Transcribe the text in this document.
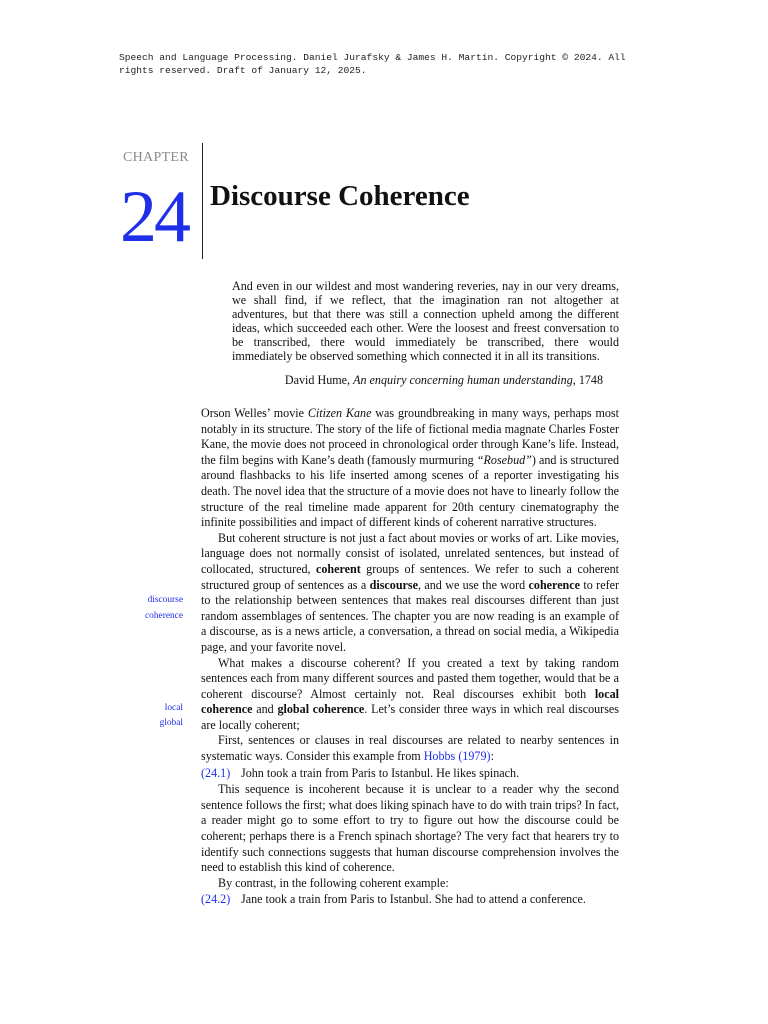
Speech and Language Processing. Daniel Jurafsky & James H. Martin. Copyright © 2024. All
rights reserved. Draft of January 12, 2025.
CHAPTER
24 Discourse Coherence

And even in our wildest and most wandering reveries, nay in our very dreams, we shall find, if we reflect, that the imagination ran not altogether at adventures, but that there was still a connection upheld among the different ideas, which succeeded each other. Were the loosest and freest conversation to be transcribed, there would immediately be transcribed, there would immediately be observed something which connected it in all its transitions.

David Hume, An enquiry concerning human understanding, 1748
discourse
coherence
local
global

Orson Welles’ movie Citizen Kane was groundbreaking in many ways, perhaps most notably in its structure. The story of the life of fictional media magnate Charles Foster Kane, the movie does not proceed in chronological order through Kane’s life. Instead, the film begins with Kane’s death (famously murmuring “Rosebud”) and is structured around flashbacks to his life inserted among scenes of a reporter investigating his death. The novel idea that the structure of a movie does not have to linearly follow the structure of the real timeline made apparent for 20th century cinematography the infinite possibilities and impact of different kinds of coherent narrative structures.

But coherent structure is not just a fact about movies or works of art. Like movies, language does not normally consist of isolated, unrelated sentences, but instead of collocated, structured, coherent groups of sentences. We refer to such a coherent structured group of sentences as a discourse, and we use the word coherence to refer to the relationship between sentences that makes real discourses different than just random assemblages of sentences. The chapter you are now reading is an example of a discourse, as is a news article, a conversation, a thread on social media, a Wikipedia page, and your favorite novel.

What makes a discourse coherent? If you created a text by taking random sentences each from many different sources and pasted them together, would that be a coherent discourse? Almost certainly not. Real discourses exhibit both local coherence and global coherence. Let’s consider three ways in which real discourses are locally coherent;

First, sentences or clauses in real discourses are related to nearby sentences in systematic ways. Consider this example from Hobbs (1979):

(24.1) John took a train from Paris to Istanbul. He likes spinach.

This sequence is incoherent because it is unclear to a reader why the second sentence follows the first; what does liking spinach have to do with train trips? In fact, a reader might go to some effort to try to figure out how the discourse could be coherent; perhaps there is a French spinach shortage? The very fact that hearers try to identify such connections suggests that human discourse comprehension involves the need to establish this kind of coherence.

By contrast, in the following coherent example:

(24.2) Jane took a train from Paris to Istanbul. She had to attend a conference.
